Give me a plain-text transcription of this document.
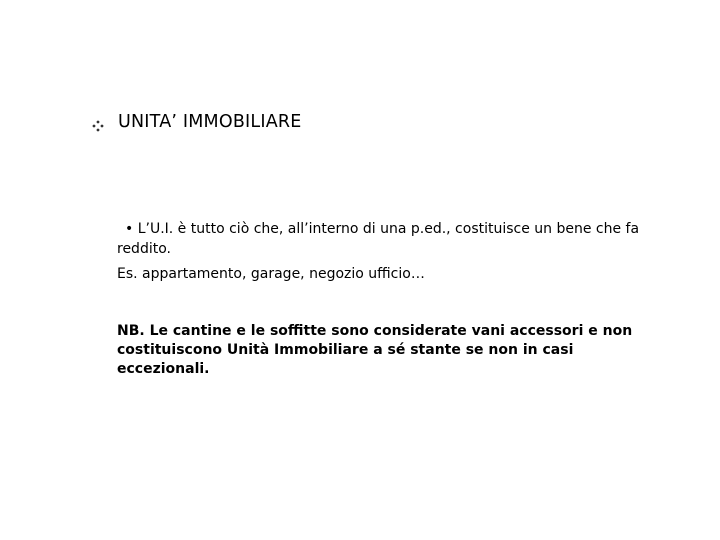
UNITA’ IMMOBILIARE

• L’U.I. è tutto ciò che, all’interno di una p.ed., costituisce un bene che fa reddito.

Es. appartamento, garage, negozio ufficio…

NB. Le cantine e le soffitte sono considerate vani accessori e non costituiscono Unità Immobiliare a sé stante se non in casi eccezionali.
